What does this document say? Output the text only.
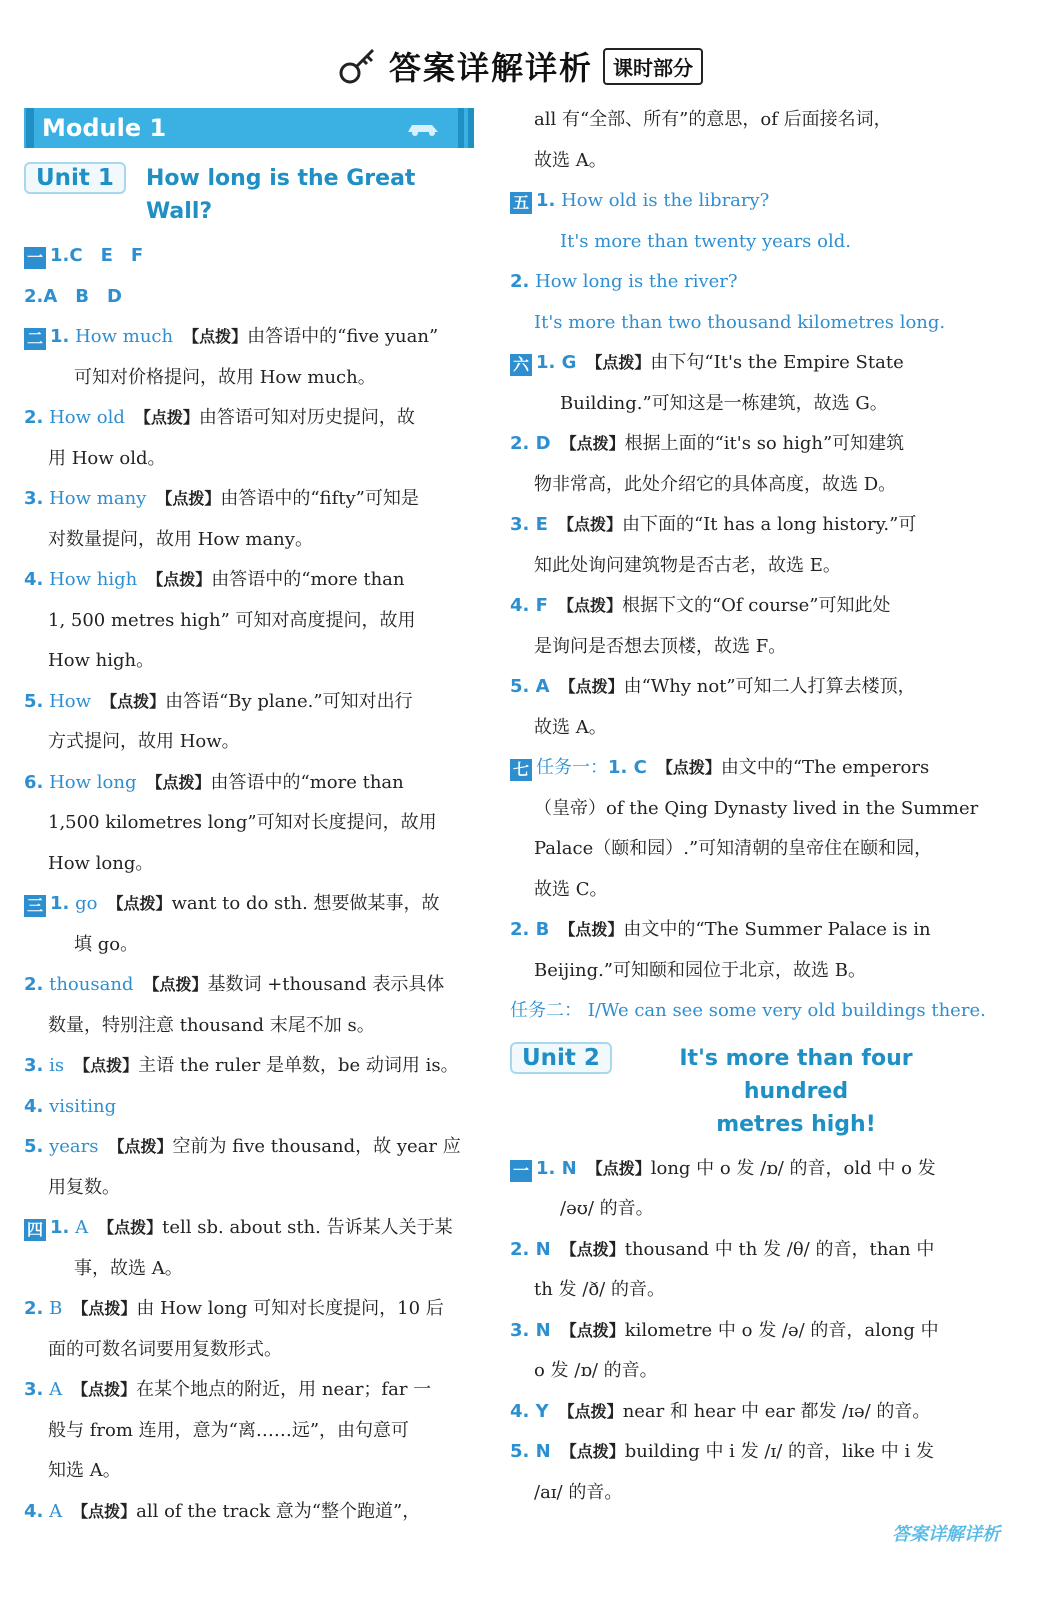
答案详解详析	课时部分
Module 1
Unit 1	How long is the Great Wall?
一 1.C　E　F
2.A　B　D
二 1. How much　 【点拨】由答语中的“five yuan”
可知对价格提问，故用 How much。
2. How old　 【点拨】由答语可知对历史提问，故
用 How old。
3. How many　 【点拨】由答语中的“fifty”可知是
对数量提问，故用 How many。
4. How high　 【点拨】由答语中的“more than
1, 500 metres high” 可知对高度提问，故用
How high。
5. How　 【点拨】由答语“By plane.”可知对出行
方式提问，故用 How。
6. How long　 【点拨】由答语中的“more than
1,500 kilometres long”可知对长度提问，故用
How long。
三 1. go　 【点拨】want to do sth. 想要做某事，故
填 go。
2. thousand　 【点拨】基数词 +thousand 表示具体
数量，特别注意 thousand 末尾不加 s。
3. is　 【点拨】主语 the ruler 是单数，be 动词用 is。
4. visiting
5. years　 【点拨】空前为 five thousand，故 year 应
用复数。
四 1. A　 【点拨】tell sb. about sth. 告诉某人关于某
事，故选 A。
2. B　 【点拨】由 How long 可知对长度提问，10 后
面的可数名词要用复数形式。
3. A　 【点拨】在某个地点的附近，用 near；far 一
般与 from 连用，意为“离……远”，由句意可
知选 A。
4. A　 【点拨】all of the track 意为“整个跑道”，
all 有“全部、所有”的意思，of 后面接名词，
故选 A。
五 1. How old is the library?
It's more than twenty years old.
2. How long is the river?
It's more than two thousand kilometres long.
六 1. G　 【点拨】由下句“It's the Empire State
Building.”可知这是一栋建筑，故选 G。
2. D　 【点拨】根据上面的“it's so high”可知建筑
物非常高，此处介绍它的具体高度，故选 D。
3. E　 【点拨】由下面的“It has a long history.”可
知此处询问建筑物是否古老，故选 E。
4. F　 【点拨】根据下文的“Of course”可知此处
是询问是否想去顶楼，故选 F。
5. A　 【点拨】由“Why not”可知二人打算去楼顶，
故选 A。
七 任务一：1. C　 【点拨】由文中的“The emperors
（皇帝）of the Qing Dynasty lived in the Summer
Palace（颐和园）.”可知清朝的皇帝住在颐和园，
故选 C。
2. B　 【点拨】由文中的“The Summer Palace is in
Beijing.”可知颐和园位于北京，故选 B。
任务二： I/We can see some very old buildings there.
Unit 2	It's more than four hundred
metres high!
一 1. N　 【点拨】long 中 o 发 /ɒ/ 的音，old 中 o 发
/əʊ/ 的音。
2. N　 【点拨】thousand 中 th 发 /θ/ 的音，than 中
th 发 /ð/ 的音。
3. N　 【点拨】kilometre 中 o 发 /ə/ 的音，along 中
o 发 /ɒ/ 的音。
4. Y　 【点拨】near 和 hear 中 ear 都发 /ɪə/ 的音。
5. N　 【点拨】building 中 i 发 /ɪ/ 的音，like 中 i 发
/aɪ/ 的音。
答案详解详析
